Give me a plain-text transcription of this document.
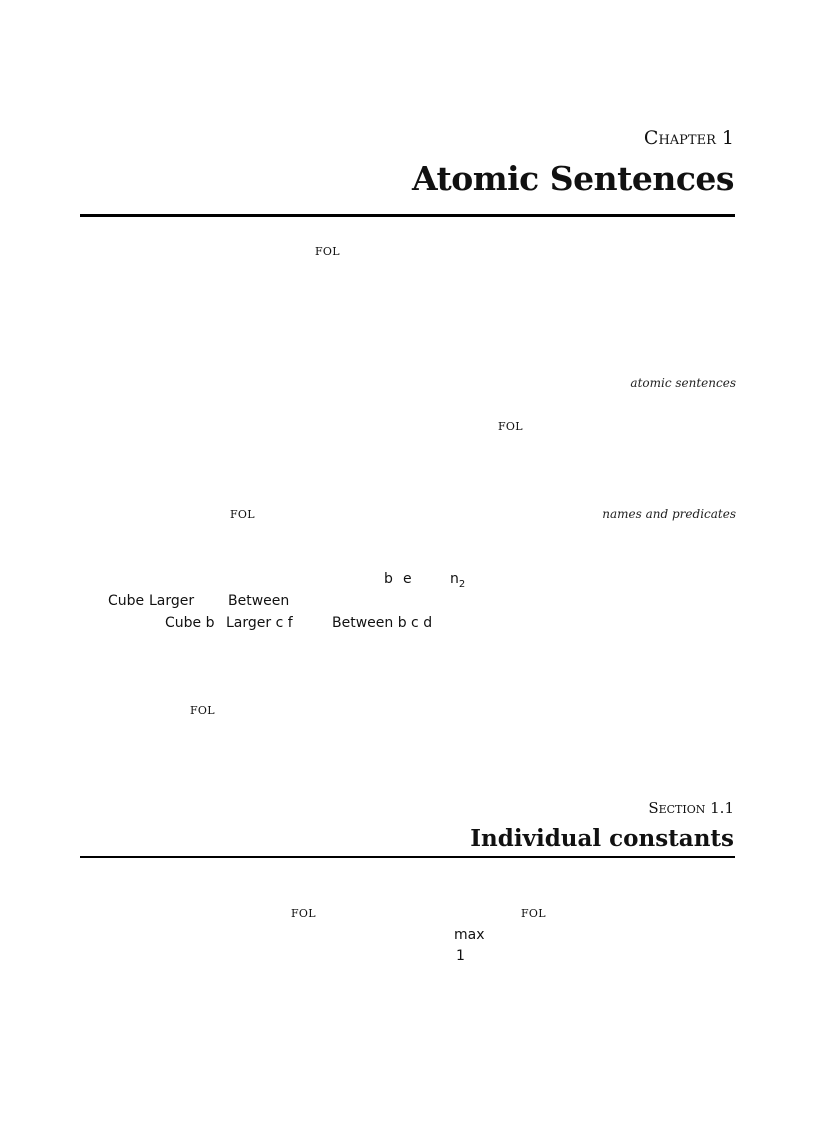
Chapter 1
Atomic Sentences
FOL
FOL
FOL
FOL
FOL	FOL
atomic sentences
names and predicates
b e	$n_2$
Cube Larger Between
Cube b Larger c f	Between b c d
Section 1.1
Individual constants
max
1
